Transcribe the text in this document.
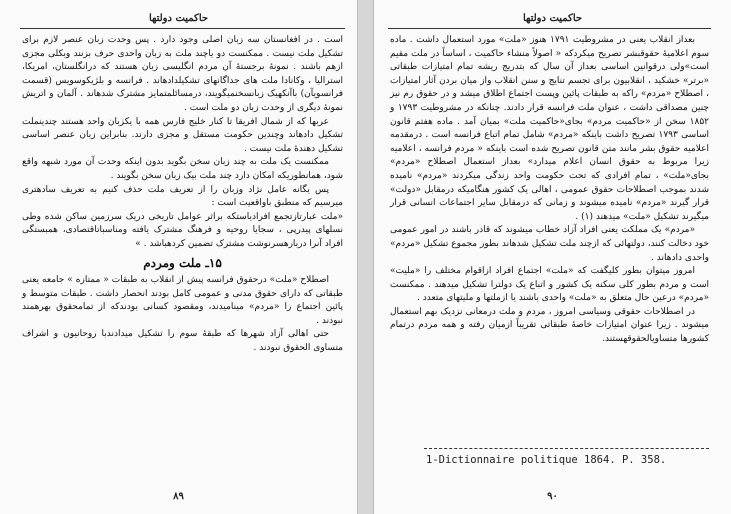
حاکمیت دولتها

است . در افغانستان سه زبان اصلی وجود دارد . پس وحدت زبان عنصر لازم برای تشکیل ملت نیست . ممکنست دو یاچند ملت به زبان واحدی حرف بزنند وبکلی مجزی ازهم باشند . نمونهٔ برجستهٔ آن مردم انگلیسی زبان هستند که درانگلستان، امریکا، استرالیا ، وکانادا ملت های جداگانهای تشکیلدادهاند . فرانسه و بلژیکوسویس (قسمت فرانسویآن) باآنکهیک زبانسخنمیگویند، درمسائلمتمایز مشترک شدهاند . آلمان و اتریش نمونهٔ دیگری از وحدت زبان دو ملت است .

عربها که از شمال افریقا تا کنار خلیج فارس همه با یکزبان واحد هستند چندینملت تشکیل دادهاند وچندین حکومت مستقل و مجزی دارند. بنابراین زبان عنصر اساسی تشکیل دهندهٔ ملت نیست .

ممکنست یک ملت به چند زبان سخن بگوید بدون اینکه وحدت آن مورد شبهه واقع شود، همانطوریکه امکان دارد چند ملت بیک زبان سخن بگویند .

پس یگانه عامل نژاد وزبان را از تعریف ملت حذف کنیم به تعریف سادهتری میرسیم که منطبق باواقعیت است :

«ملت عبارتازتجمع افرادیاستکه براثر عوامل تاریخی دریک سرزمین ساکن شده وطی نسلهای پیدرپی ، سجایا روحیه و فرهنگ مشترک یافته ومناسباتاقتصادی، همبستگی افراد آنرا دربارهسرنوشت مشترک تضمین کردهباشد . »

۱۵ـ ملت ومردم

اصطلاح «ملت» درحقوق فرانسه پیش از انقلاب به طبقات « ممتازه » جامعه یعنی طبقاتی که دارای حقوق مدنی و عمومی کامل بودند انحصار داشت . طبقات متوسط و پائین اجتماع را «مردم» مینامیدند، ومقصود کسانی بودندکه از تمامحقوق بهرهمند نبودند .

حتی اهالی آزاد شهرها که طبقهٔ سوم را تشکیل میدادندبا روحانیون و اشراف متساوی الحقوق نبودند .

۸۹
حاکمیت دولتها

بعداز انقلاب یعنی در مشروطیت ۱۷۹۱ هنوز «ملت» مورد استعمال داشت . ماده سوم اعلامیهٔ حقوقبشر تصریح میکردکه « اصولاً منشاء حاکمیت ، اساساً در ملت مقیم است»ولی درقوانین اساسی بعداز آن سال که بتدریج ریشه تمام امتیازات طبقاتی «برتر» خشکید ، انقلابیون برای تجسم تنایج و سنن انقلاب واز میان بردن آثار امتیازات ، اصطلاح «مردم» راکه به طبقات پائین وپست اجتماع اطلاق میشد و در حقوق رم نیز چنین مصداقی داشت ، عنوان ملت فرانسه قرار دادند. چنانکه در مشروطیت ۱۷۹۳ و ۱۸۵۲ سخن از «حاکمیت مردم» بجای«حاکمیت ملت» بمیان آمد . ماده هفتم قانون اساسی ۱۷۹۳ تصریح داشت باینکه «مردم» شامل تمام اتباع فرانسه است . درمقدمه اعلامیه حقوق بشر مانند متن قانون تصریح شده است باینکه « مردم فرانسه ، اعلامیه زیرا مربوط به حقوق انسان اعلام میدارد» بعداز استعمال اصطلاح «مردم» بجای«ملت» ، تمام افرادی که تحت حکومت واحد زندگی میکردند «مردم» نامیده شدند بموجب اصطلاحات حقوق عمومی ، اهالی یک کشور هنگامیکه درمقابل «دولت» قرار گیرند «مردم» نامیده میشوند و زمانی که درمقابل سایر اجتماعات انسانی قرار میگیرند تشکیل «ملت» میدهند (۱) .

«مردم» یک مملکت یعنی افراد آزاد خطاب میشوند که قادر باشند در امور عمومی خود دخالت کنند، دولتهائی که ازچند ملت تشکیل شدهاند بطور مجموع تشکیل «مردم» واحدی دادهاند .

امروز میتوان بطور کلیگفت که «ملت» اجتماع افراد ازاقوام مختلف را «ملیت» است و مردم بطور کلی سکنه یک کشور و اتباع یک دولترا تشکیل میدهند . ممکنست «مردم» درعین حال متعلق به «ملت» واحدی باشند یا ازملتها و ملیتهای متعدد .

در اصطلاحات حقوقی وسیاسی امروز ، مردم و ملت درمعانی نزدیک بهم استعمال میشوند . زیرا عنوان امتیازات خاصهٔ طبقاتی تقریباً ازمیان رفته و همه مردم درتمام کشورها متساویالحقوقهستند.

1-Dictionnaire politique 1864. P. 358.
۹۰
